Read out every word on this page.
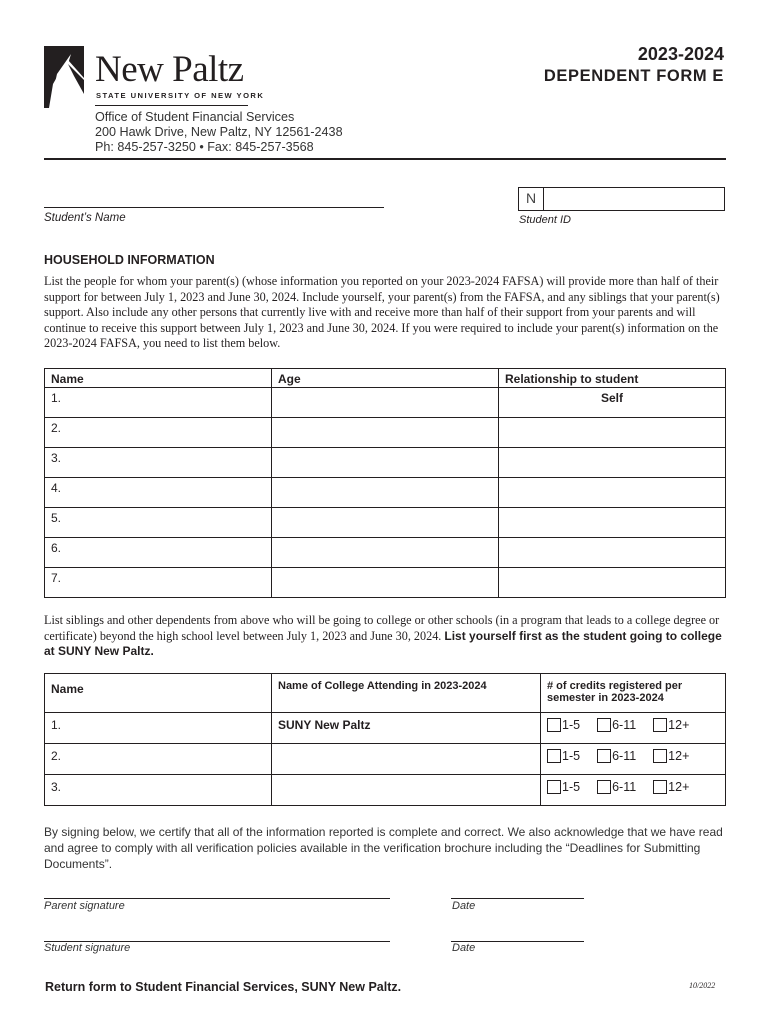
New Paltz
STATE UNIVERSITY OF NEW YORK
2023-2024
DEPENDENT FORM E
Office of Student Financial Services
200 Hawk Drive, New Paltz, NY 12561-2438
Ph: 845-257-3250 • Fax: 845-257-3568
Student’s Name
N
Student ID
HOUSEHOLD INFORMATION
List the people for whom your parent(s) (whose information you reported on your 2023-2024 FAFSA) will provide more than half of their support for between July 1, 2023 and June 30, 2024. Include yourself, your parent(s) from the FAFSA, and any siblings that your parent(s) support. Also include any other persons that currently live with and receive more than half of their support from your parents and will continue to receive this support between July 1, 2023 and June 30, 2024. If you were required to include your parent(s) information on the 2023-2024 FAFSA, you need to list them below.
Name	Age	Relationship to student
1.		Self
2.		
3.		
4.		
5.		
6.		
7.		
List siblings and other dependents from above who will be going to college or other schools (in a program that leads to a college degree or certificate) beyond the high school level between July 1, 2023 and June 30, 2024. List yourself first as the student going to college at SUNY New Paltz.
Name	Name of College Attending in 2023-2024	# of credits registered per semester in 2023-2024
1.	SUNY New Paltz	1-5 6-11 12+

2.		1-5 6-11 12+

3.		1-5 6-11 12+
By signing below, we certify that all of the information reported is complete and correct. We also acknowledge that we have read and agree to comply with all verification policies available in the verification brochure including the “Deadlines for Submitting Documents”.
Parent signature	Date
Student signature	Date
Return form to Student Financial Services, SUNY New Paltz.	10/2022
